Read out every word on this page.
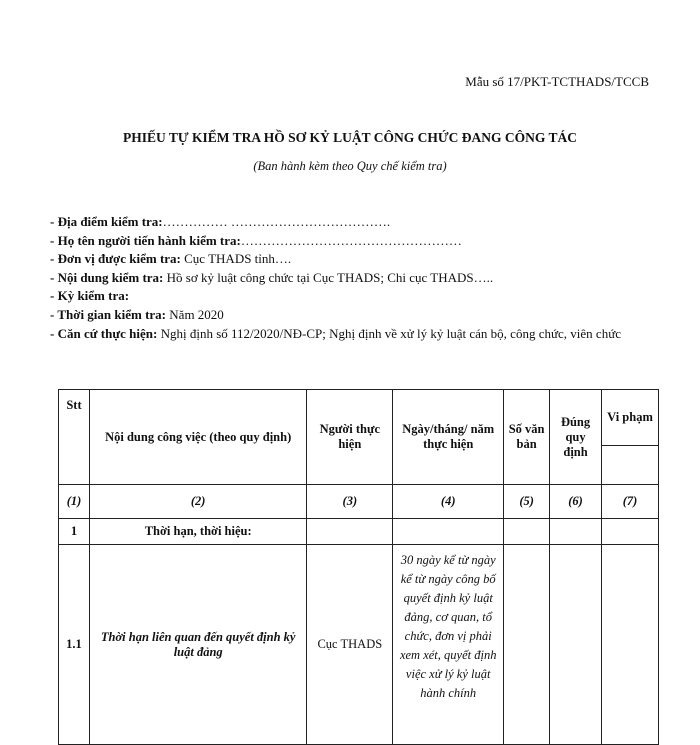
Mẫu số 17/PKT-TCTHADS/TCCB
PHIẾU TỰ KIỂM TRA HỒ SƠ KỶ LUẬT CÔNG CHỨC ĐANG CÔNG TÁC
(Ban hành kèm theo Quy chế kiểm tra)
- Địa điểm kiểm tra:…………… ……………………………….
- Họ tên người tiến hành kiểm tra:……………………………………………
- Đơn vị được kiểm tra: Cục THADS tỉnh….
- Nội dung kiểm tra: Hồ sơ kỷ luật công chức tại Cục THADS; Chi cục THADS…..
- Kỳ kiểm tra:
- Thời gian kiểm tra: Năm 2020
- Căn cứ thực hiện: Nghị định số 112/2020/NĐ-CP; Nghị định về xử lý kỷ luật cán bộ, công chức, viên chức
Stt	Nội dung công việc (theo quy định)	Người thực hiện	Ngày/tháng/ năm thực hiện	Số văn bản	Đúng quy định	Vi phạm

(1)	(2)	(3)	(4)	(5)	(6)	(7)
1	Thời hạn, thời hiệu:					
1.1	Thời hạn liên quan đến quyết định kỷ luật đảng	Cục THADS	30 ngày kể từ ngày kể từ ngày công bố quyết định kỷ luật đảng, cơ quan, tổ chức, đơn vị phải xem xét, quyết định việc xử lý kỷ luật hành chính			
